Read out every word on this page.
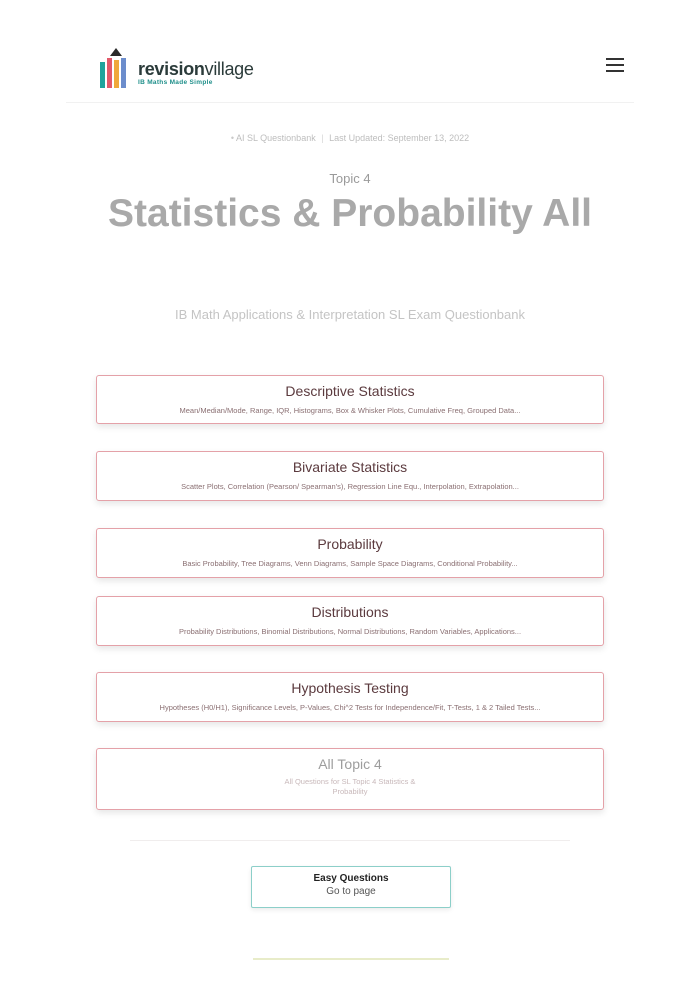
revisionvillage
IB Maths Made Simple
• AI SL Questionbank | Last Updated: September 13, 2022
Topic 4
Statistics & Probability All
IB Math Applications & Interpretation SL Exam Questionbank
Descriptive Statistics
Mean/Median/Mode, Range, IQR, Histograms, Box & Whisker Plots, Cumulative Freq, Grouped Data...
Bivariate Statistics
Scatter Plots, Correlation (Pearson/ Spearman's), Regression Line Equ., Interpolation, Extrapolation...
Probability
Basic Probability, Tree Diagrams, Venn Diagrams, Sample Space Diagrams, Conditional Probability...
Distributions
Probability Distributions, Binomial Distributions, Normal Distributions, Random Variables, Applications...
Hypothesis Testing
Hypotheses (H0/H1), Significance Levels, P-Values, Chi^2 Tests for Independence/Fit, T-Tests, 1 & 2 Tailed Tests...
All Topic 4
All Questions for SL Topic 4 Statistics & Probability
Easy Questions
Go to page
